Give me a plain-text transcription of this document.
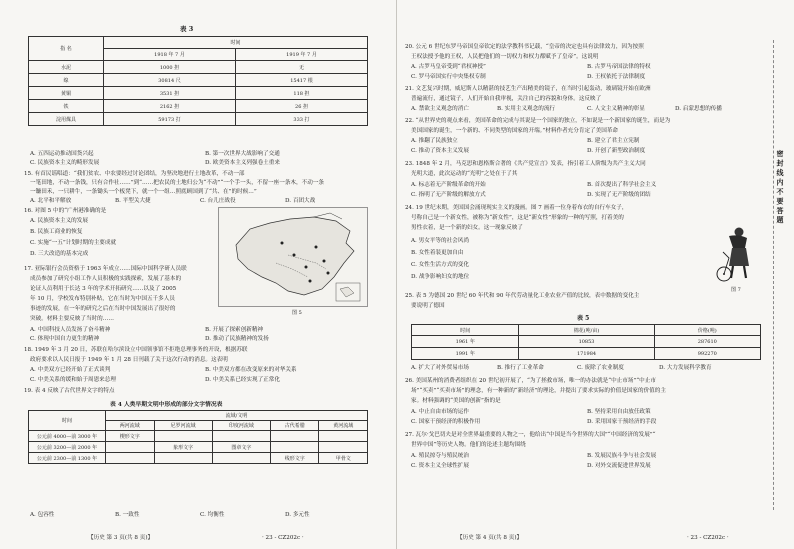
表 3
指 名	时间	
	1918 年 7 月	1919 年 7 月
水泥	1000 担	无
缐	30814 尺	15417 根
黄铜	3531 担	118 担
铁	2162 担	26 担
淀用煤具	59173 打	333 打
A. 五四运动推动国货兴起	B. 第一次世界大战影响了交通
C. 民族资本主义的畸形发展	D. 欧美资本主义列强卷土重来
15. 有首民谣唱道：“我们贫农、中农要经过讨论团结，为坚决地进行土地改革，不动一部
一笔田地，不动一条钱，只有合作社……”到“……把农民的土地归公为“不动”“一个手一头，不留一座一条木，不动一条
一镰田禾，一只耕牛，一条锄头一个板凳下，就一个一组…照底顾国到了“共、在”的时候…”
A. 北平和平解放	B. 平型关大捷	C. 台儿庄战役	D. 百团大战
16. 对图 5 中的“广州港准确的是
A. 民族资本主义的发展
B. 民族工商业的恢复
C. 实施“一五”计划时期的主要成就
D. 三大改造的基本完成
图 5
17. 亚际银行会员资格于 1963 年成立……国际中国科学研人员联
成员参加了研究小组工作人员积极的实践探索，发展了基本的
论证人员利用于长达 3 年的学术开拓研究……以及了 2005
年 10 月，学校发布特别补贴，它在当时为中国五千多人员
事迹的发展，在一年的研究之后在当时中国发展出了很好的
突破。材料主要反映了当时的……
A. 中国科技人员发扬了奋斗精神	B. 开展了探索创新精神
C. 体现中国自力更生的精神	D. 推动了民族精神的发扬
18. 1949 年 3 月 20 日，苏联在哈尔滨设立中国领事馆不拒绝总理事务的开设，根据苏联
政府要求以人民日报于 1949 年 1 月 28 日刊载了关于这次行动的消息。这表明
A. 中美双方已经开始了正式谈判	B. 中美双方都在改变原来的对华关系
C. 中美关系的缓和始于周恩来总理	D. 中美关系已经实现了正常化
19. 表 4 反映了古代世界文字的特点
表 4 人类早期文明中形成的部分文字情况表
时间	流域/文明				
	两河流域	尼罗河流域	印度河流域	古代希腊	黄河流域
公元前 4000—前 3000 年	楔形文字				
公元前 3200—前 2000 年		象形文字	图章文字		
公元前 2300—前 1300 年				线形文字	甲骨文
A. 包容性	B. 一致性	C. 均衡性	D. 多元性
【历史 第 3 页(共 8 页)】	· 23 - CZ202c ·
20. 公元 6 世纪东罗马帝国皇帝钦定的法学教科书记载，“皇帝的决定也具有法律效力，因为按照
王权法授予他的王权，人民把他们的一切权力和权力都赋予了皇帝”。这说明
A. 古罗马皇帝受到“君权神授”	B. 古罗马帝国法律的特权
C. 罗马帝国实行中央集权专制	D. 王权依托于法律制度
21. 文艺复兴时期，威尼斯人以精湛的技艺生产出精美的镜子，在当时引起轰动，玻璃镜开始在欧洲
普遍流行，通过镜子，人们开始自我审视，关注自己的容貌和身体。这反映了
A. 禁欲主义观念的消亡	B. 实用主义观念的流行	C. 人文主义精神的彰显	D. 启蒙思想的传播
22. “从世界史的观点来看，美国革命的完成与其说是一个国家的独立，不如说是一个新国家的诞生，而是为
美国国家的诞生，一个新的、不同类型的国家的开端。”材料作者充分肯定了美国革命
A. 推翻了民族独立	B. 建立了君主立宪制
C. 推动了资本主义发展	D. 开创了新型政治制度
23. 1848 年 2 月，马克思和恩格斯合著的《共产党宣言》发表，指引着工人阶级为共产主义大同
光明大道，此次运动的“光明”之处在于了其
A. 标志着无产阶级革命的开始	B. 首次提出了科学社会主义
C. 指明了无产阶级的解放方式	D. 实现了无产阶级的团结
24. 19 世纪末期，美国国会涌现现实主义的漫画。图 7 画着一位身着布衣的自行车女子，
号称自己是一个新女性，被称为“新女性”，这是“新女性”形象的一种的写照，打着美的
男性衣着，是一个新的妇女。这一现象反映了
A. 男女平等的社会风尚
B. 女性着装更加自由
C. 女性生活方式的变化
D. 战争影响妇女的地位
图 7
25. 表 5 为德国 20 世纪 60 年代和 90 年代劳动量化工业农业产值的比较，表中数据的变化主
要说明了德国
表 5
时间	棉花(吨/亩)	价格(吨)
1961 年	10853	287610
1991 年	171984	992270
A. 扩大了对外贸易市场	B. 推行了工业革命	C. 废除了农业制度	D. 大力发展科学教育
26. 美国某州的消费者组织在 20 世纪初开展了，“为了拯救市场，唯一的办法就是“中止市场”“中止市
场”“买卖”“买卖市场”的理念，有一种新的“新经济”的理论，并提出了要求实际的价值是国家的价值的主
家。材料强调的“美国的创新”指的是
A. 中止自由市场的运作	B. 坚持采用自由放任政策
C. 国家干预经济的积极作用	D. 采用国家干预经济的手段
27. 瓦尔·戈巴切夫是对全世界最重要的人物之一，他给出“中国是当今世界的大国”“中国经济的发展”“
世界中国”等历史人物。他们的论述主题均围绕
A. 殖民掠夺与殖民统治	B. 发展民族斗争与社会发展
C. 资本主义全球性扩展	D. 对外交流促进世界发展
密 封 线 内 不 要 答 题
【历史 第 4 页(共 8 页)】	· 23 - CZ202c ·
